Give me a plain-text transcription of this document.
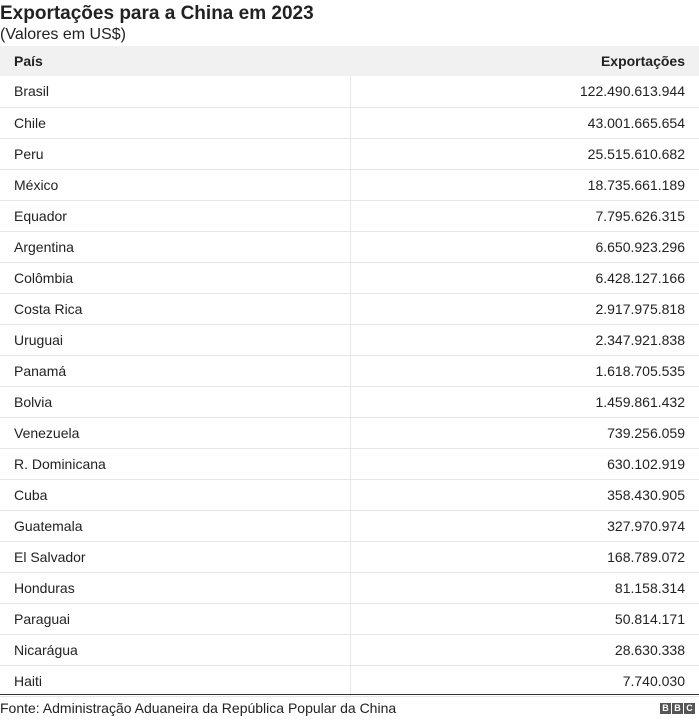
Exportações para a China em 2023
(Valores em US$)
País	Exportações
Brasil	122.490.613.944
Chile	43.001.665.654
Peru	25.515.610.682
México	18.735.661.189
Equador	7.795.626.315
Argentina	6.650.923.296
Colômbia	6.428.127.166
Costa Rica	2.917.975.818
Uruguai	2.347.921.838
Panamá	1.618.705.535
Bolvia	1.459.861.432
Venezuela	739.256.059
R. Dominicana	630.102.919
Cuba	358.430.905
Guatemala	327.970.974
El Salvador	168.789.072
Honduras	81.158.314
Paraguai	50.814.171
Nicarágua	28.630.338
Haiti	7.740.030
Fonte: Administração Aduaneira da República Popular da China	B B C
